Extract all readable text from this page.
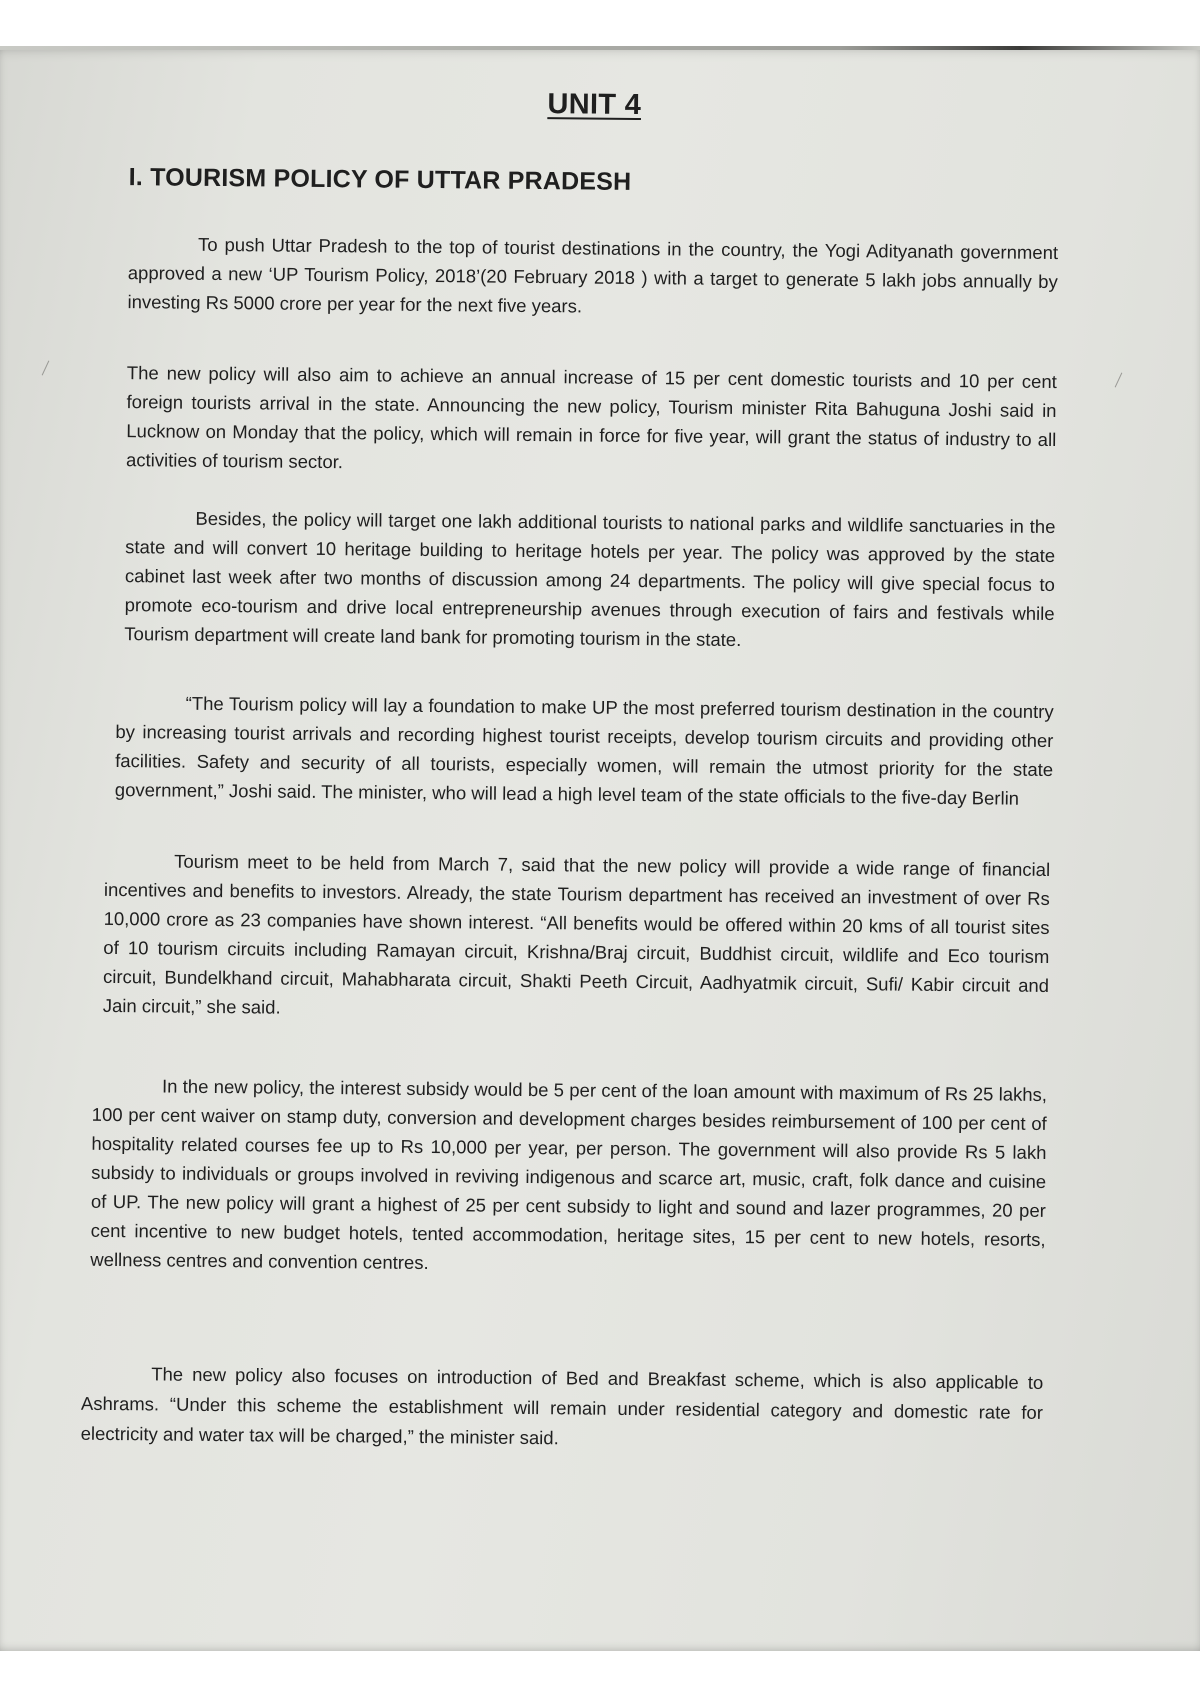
UNIT 4
I. TOURISM POLICY OF UTTAR PRADESH

To push Uttar Pradesh to the top of tourist destinations in the country, the Yogi Adityanath government approved a new ‘UP Tourism Policy, 2018’(20 February 2018 ) with a target to generate 5 lakh jobs annually by investing Rs 5000 crore per year for the next five years.

The new policy will also aim to achieve an annual increase of 15 per cent domestic tourists and 10 per cent foreign tourists arrival in the state. Announcing the new policy, Tourism minister Rita Bahuguna Joshi said in Lucknow on Monday that the policy, which will remain in force for five year, will grant the status of industry to all activities of tourism sector.

Besides, the policy will target one lakh additional tourists to national parks and wildlife sanctuaries in the state and will convert 10 heritage building to heritage hotels per year. The policy was approved by the state cabinet last week after two months of discussion among 24 departments. The policy will give special focus to promote eco-tourism and drive local entrepreneurship avenues through execution of fairs and festivals while Tourism department will create land bank for promoting tourism in the state.

“The Tourism policy will lay a foundation to make UP the most preferred tourism destination in the country by increasing tourist arrivals and recording highest tourist receipts, develop tourism circuits and providing other facilities. Safety and security of all tourists, especially women, will remain the utmost priority for the state government,” Joshi said. The minister, who will lead a high level team of the state officials to the five-day Berlin

Tourism meet to be held from March 7, said that the new policy will provide a wide range of financial incentives and benefits to investors. Already, the state Tourism department has received an investment of over Rs 10,000 crore as 23 companies have shown interest. “All benefits would be offered within 20 kms of all tourist sites of 10 tourism circuits including Ramayan circuit, Krishna/Braj circuit, Buddhist circuit, wildlife and Eco tourism circuit, Bundelkhand circuit, Mahabharata circuit, Shakti Peeth Circuit, Aadhyatmik circuit, Sufi/ Kabir circuit and Jain circuit,” she said.

In the new policy, the interest subsidy would be 5 per cent of the loan amount with maximum of Rs 25 lakhs, 100 per cent waiver on stamp duty, conversion and development charges besides reimbursement of 100 per cent of hospitality related courses fee up to Rs 10,000 per year, per person. The government will also provide Rs 5 lakh subsidy to individuals or groups involved in reviving indigenous and scarce art, music, craft, folk dance and cuisine of UP. The new policy will grant a highest of 25 per cent subsidy to light and sound and lazer programmes, 20 per cent incentive to new budget hotels, tented accommodation, heritage sites, 15 per cent to new hotels, resorts, wellness centres and convention centres.

The new policy also focuses on introduction of Bed and Breakfast scheme, which is also applicable to Ashrams. “Under this scheme the establishment will remain under residential category and domestic rate for electricity and water tax will be charged,” the minister said.
